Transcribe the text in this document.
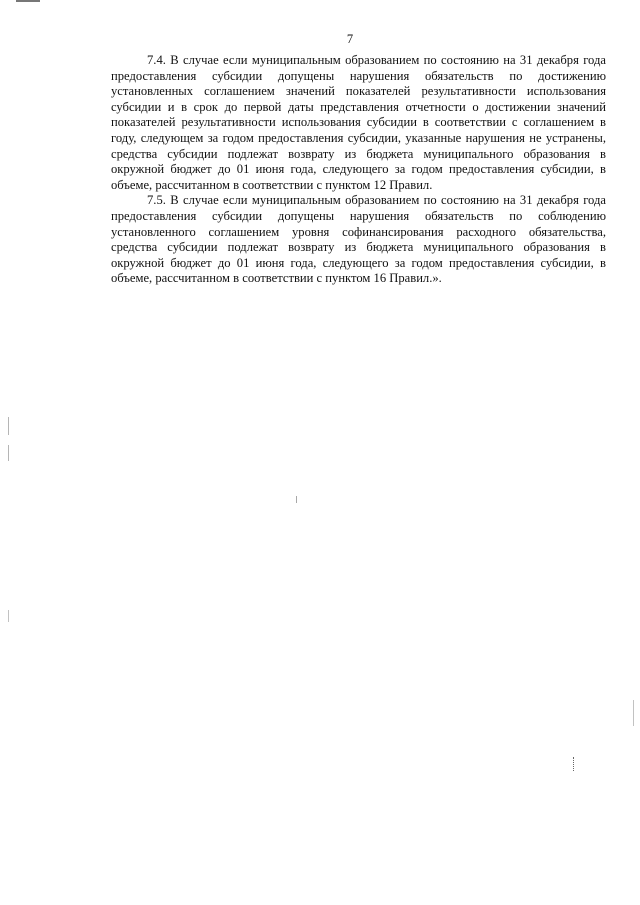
7

7.4. В случае если муниципальным образованием по состоянию на 31 декабря года предоставления субсидии допущены нарушения обязательств по достижению установленных соглашением значений показателей результативности использования субсидии и в срок до первой даты представления отчетности о достижении значений показателей результативности использования субсидии в соответствии с соглашением в году, следующем за годом предоставления субсидии, указанные нарушения не устранены, средства субсидии подлежат возврату из бюджета муниципального образования в окружной бюджет до 01 июня года, следующего за годом предоставления субсидии, в объеме, рассчитанном в соответствии с пунктом 12 Правил.

7.5. В случае если муниципальным образованием по состоянию на 31 декабря года предоставления субсидии допущены нарушения обязательств по соблюдению установленного соглашением уровня софинансирования расходного обязательства, средства субсидии подлежат возврату из бюджета муниципального образования в окружной бюджет до 01 июня года, следующего за годом предоставления субсидии, в объеме, рассчитанном в соответствии с пунктом 16 Правил.».
